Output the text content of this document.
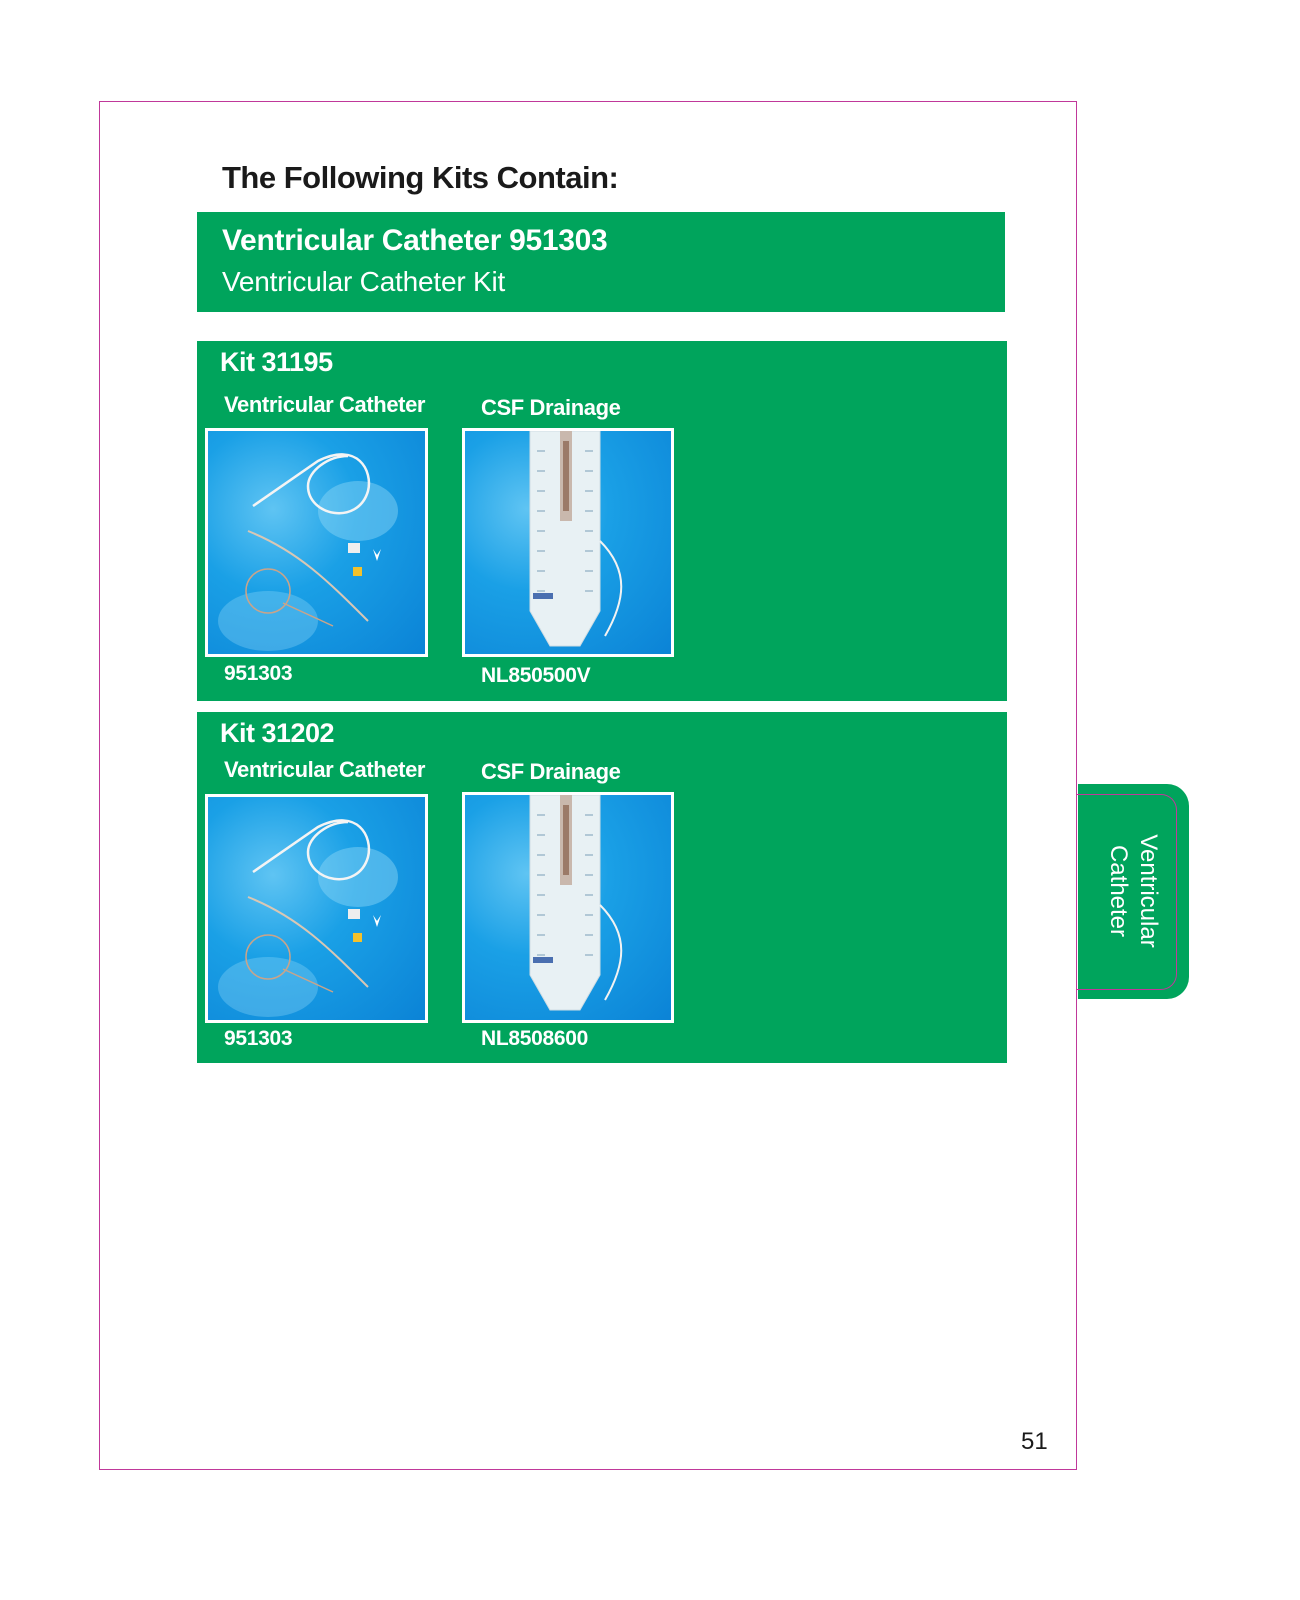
The Following Kits Contain:
Ventricular Catheter 951303
Ventricular Catheter Kit
Kit 31195
Ventricular Catheter	CSF Drainage
951303	NL850500V
Kit 31202
Ventricular Catheter	CSF Drainage
951303	NL8508600
Ventricular
Catheter
51
